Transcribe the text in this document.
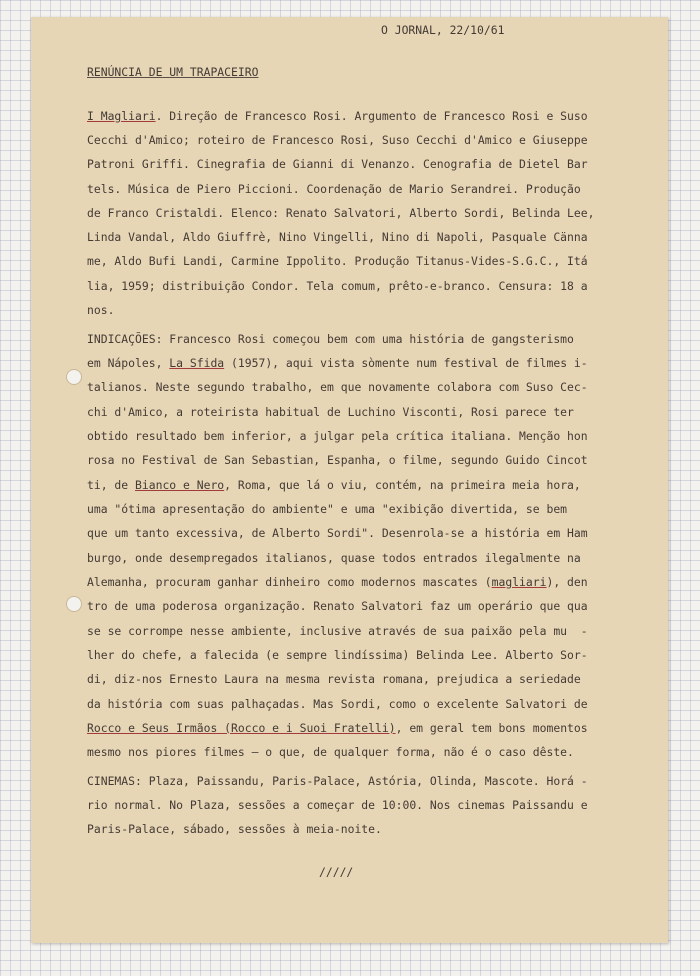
O JORNAL, 22/10/61
RENÚNCIA DE UM TRAPACEIRO
I Magliari. Direção de Francesco Rosi. Argumento de Francesco Rosi e Suso
Cecchi d'Amico; roteiro de Francesco Rosi, Suso Cecchi d'Amico e Giuseppe
Patroni Griffi. Cinegrafia de Gianni di Venanzo. Cenografia de Dietel Bar
tels. Música de Piero Piccioni. Coordenação de Mario Serandrei. Produção
de Franco Cristaldi. Elenco: Renato Salvatori, Alberto Sordi, Belinda Lee,
Linda Vandal, Aldo Giuffrè, Nino Vingelli, Nino di Napoli, Pasquale Cänna
me, Aldo Bufi Landi, Carmine Ippolito. Produção Titanus-Vides-S.G.C., Itá
lia, 1959; distribuição Condor. Tela comum, prêto-e-branco. Censura: 18 a
nos.
INDICAÇÕES: Francesco Rosi começou bem com uma história de gangsterismo
em Nápoles, La Sfida (1957), aqui vista sòmente num festival de filmes i-
talianos. Neste segundo trabalho, em que novamente colabora com Suso Cec-
chi d'Amico, a roteirista habitual de Luchino Visconti, Rosi parece ter
obtido resultado bem inferior, a julgar pela crítica italiana. Menção hon
rosa no Festival de San Sebastian, Espanha, o filme, segundo Guido Cincot
ti, de Bianco e Nero, Roma, que lá o viu, contém, na primeira meia hora,
uma "ótima apresentação do ambiente" e uma "exibição divertida, se bem
que um tanto excessiva, de Alberto Sordi". Desenrola-se a história em Ham
burgo, onde desempregados italianos, quase todos entrados ilegalmente na
Alemanha, procuram ganhar dinheiro como modernos mascates (magliari), den
tro de uma poderosa organização. Renato Salvatori faz um operário que qua
se se corrompe nesse ambiente, inclusive através de sua paixão pela mu  -
lher do chefe, a falecida (e sempre lindíssima) Belinda Lee. Alberto Sor-
di, diz-nos Ernesto Laura na mesma revista romana, prejudica a seriedade
da história com suas palhaçadas. Mas Sordi, como o excelente Salvatori de
Rocco e Seus Irmãos (Rocco e i Suoi Fratelli), em geral tem bons momentos
mesmo nos piores filmes — o que, de qualquer forma, não é o caso dêste.
CINEMAS: Plaza, Paissandu, Paris-Palace, Astória, Olinda, Mascote. Horá -
rio normal. No Plaza, sessões a começar de 10:00. Nos cinemas Paissandu e
Paris-Palace, sábado, sessões à meia-noite.
/////
